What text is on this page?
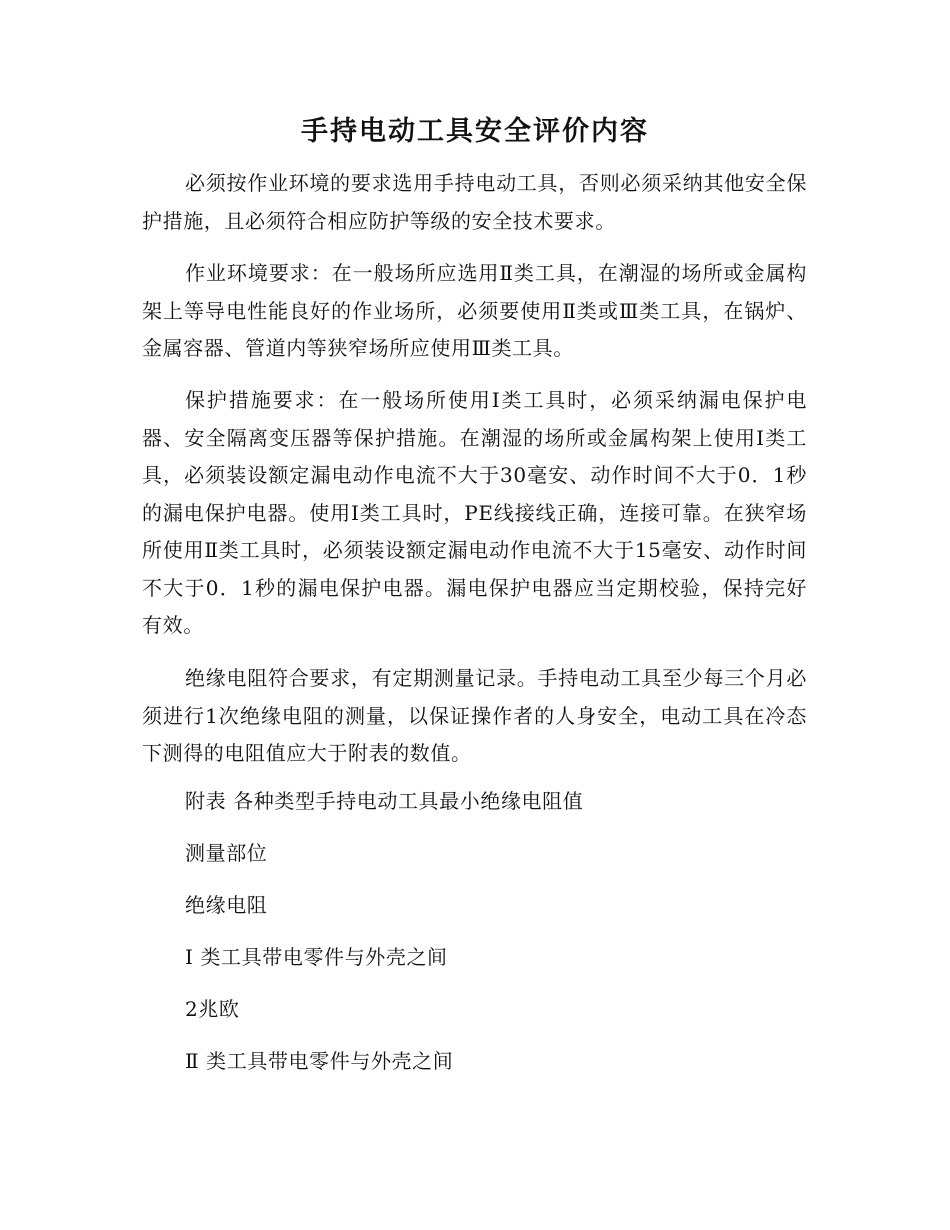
手持电动工具安全评价内容

必须按作业环境的要求选用手持电动工具，否则必须采纳其他安全保护措施，且必须符合相应防护等级的安全技术要求。

作业环境要求：在一般场所应选用Ⅱ类工具，在潮湿的场所或金属构架上等导电性能良好的作业场所，必须要使用Ⅱ类或Ⅲ类工具，在锅炉、金属容器、管道内等狭窄场所应使用Ⅲ类工具。

保护措施要求：在一般场所使用Ⅰ类工具时，必须采纳漏电保护电器、安全隔离变压器等保护措施。在潮湿的场所或金属构架上使用Ⅰ类工具，必须装设额定漏电动作电流不大于30毫安、动作时间不大于0．1秒的漏电保护电器。使用Ⅰ类工具时，PE线接线正确，连接可靠。在狭窄场所使用Ⅱ类工具时，必须装设额定漏电动作电流不大于15毫安、动作时间不大于0．1秒的漏电保护电器。漏电保护电器应当定期校验，保持完好有效。

绝缘电阻符合要求，有定期测量记录。手持电动工具至少每三个月必须进行1次绝缘电阻的测量，以保证操作者的人身安全，电动工具在冷态下测得的电阻值应大于附表的数值。

附表 各种类型手持电动工具最小绝缘电阻值
测量部位
绝缘电阻
Ⅰ 类工具带电零件与外壳之间
2兆欧
Ⅱ 类工具带电零件与外壳之间
